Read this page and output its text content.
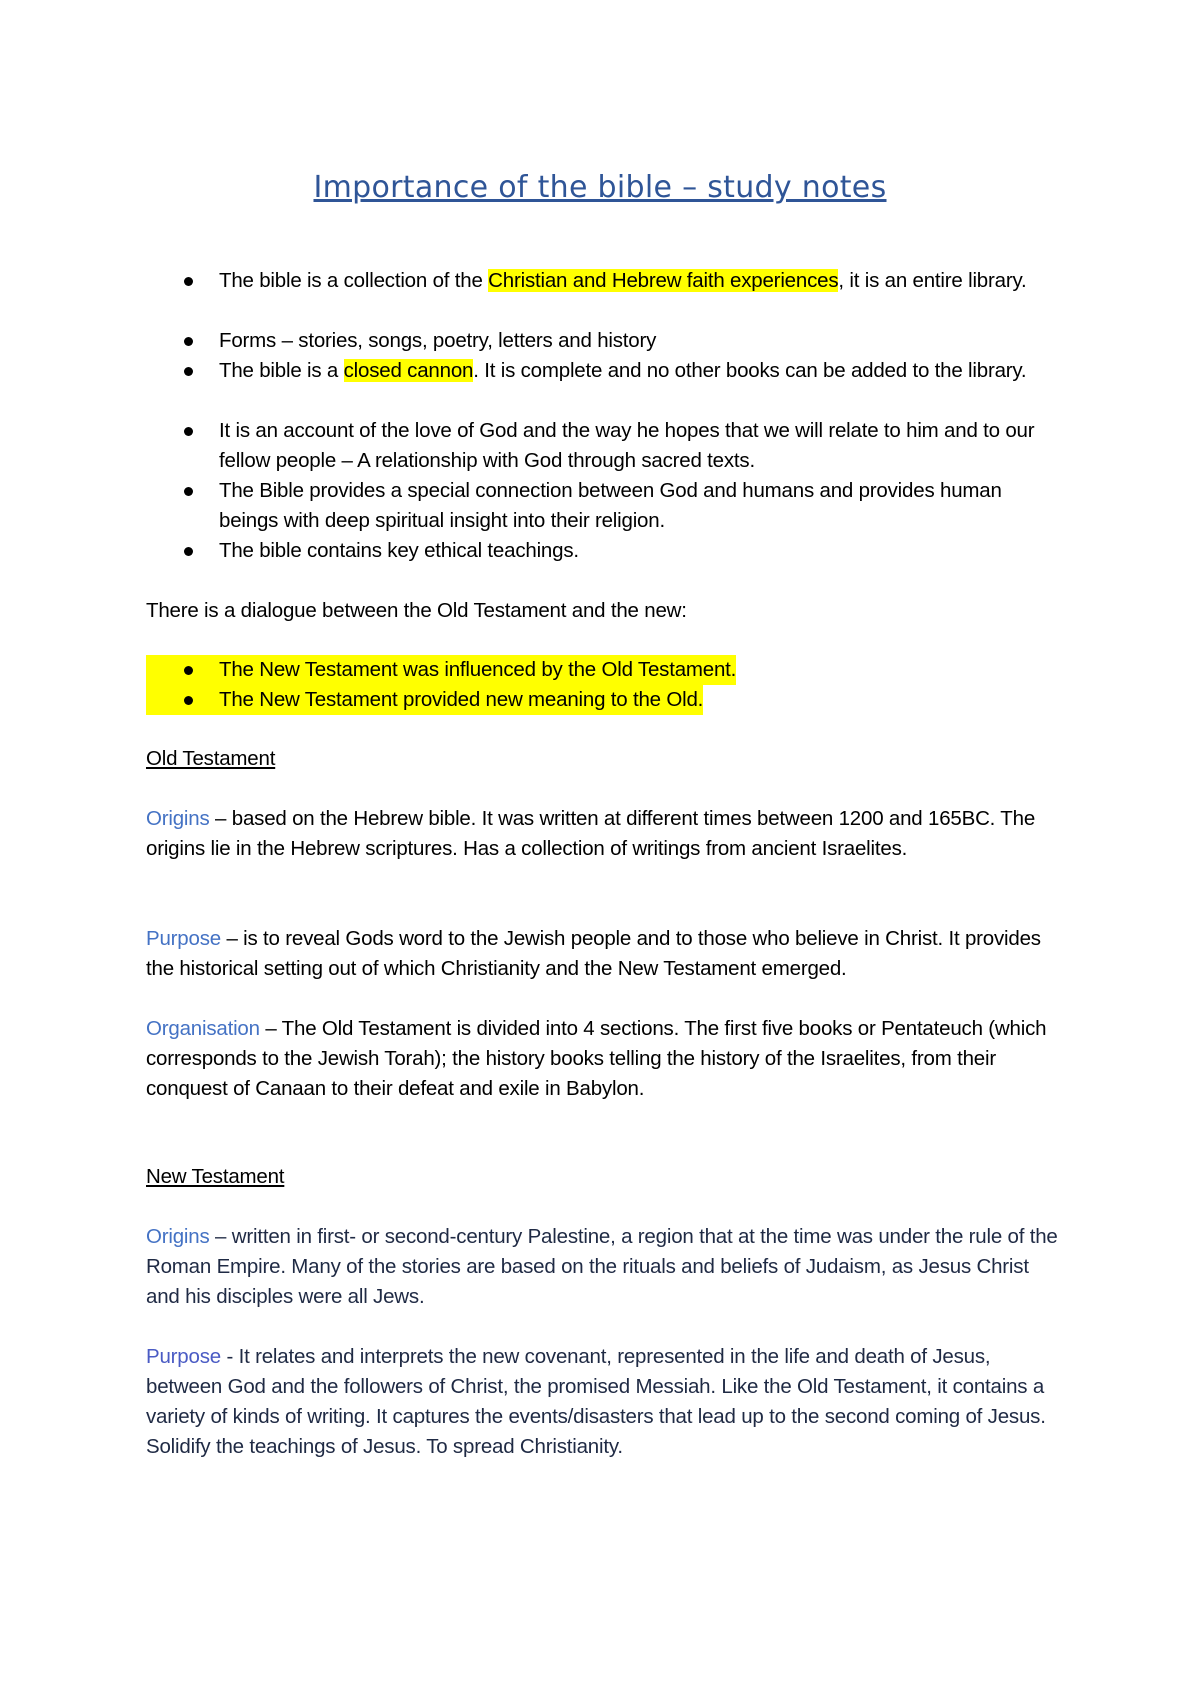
Importance of the bible – study notes
The bible is a collection of the Christian and Hebrew faith experiences, it is an entire library.
Forms – stories, songs, poetry, letters and history
The bible is a closed cannon. It is complete and no other books can be added to the library.
It is an account of the love of God and the way he hopes that we will relate to him and to our fellow people – A relationship with God through sacred texts.
The Bible provides a special connection between God and humans and provides human beings with deep spiritual insight into their religion.
The bible contains key ethical teachings.
There is a dialogue between the Old Testament and the new:
The New Testament was influenced by the Old Testament.
The New Testament provided new meaning to the Old.
Old Testament
Origins – based on the Hebrew bible. It was written at different times between 1200 and 165BC. The origins lie in the Hebrew scriptures. Has a collection of writings from ancient Israelites.
Purpose – is to reveal Gods word to the Jewish people and to those who believe in Christ. It provides the historical setting out of which Christianity and the New Testament emerged.
Organisation – The Old Testament is divided into 4 sections. The first five books or Pentateuch (which corresponds to the Jewish Torah); the history books telling the history of the Israelites, from their conquest of Canaan to their defeat and exile in Babylon.
New Testament
Origins – written in first- or second-century Palestine, a region that at the time was under the rule of the Roman Empire. Many of the stories are based on the rituals and beliefs of Judaism, as Jesus Christ and his disciples were all Jews.
Purpose - It relates and interprets the new covenant, represented in the life and death of Jesus, between God and the followers of Christ, the promised Messiah. Like the Old Testament, it contains a variety of kinds of writing. It captures the events/disasters that lead up to the second coming of Jesus. Solidify the teachings of Jesus. To spread Christianity.
